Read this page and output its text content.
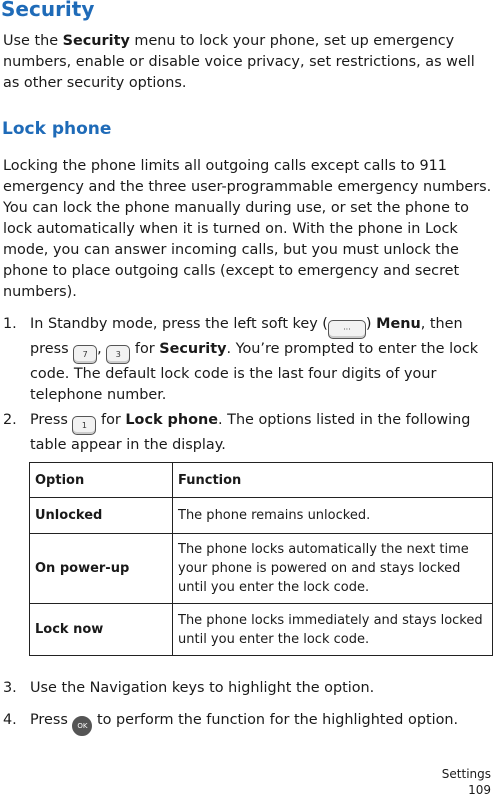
Security

Use the Security menu to lock your phone, set up emergency numbers, enable or disable voice privacy, set restrictions, as well as other security options.

Lock phone

Locking the phone limits all outgoing calls except calls to 911 emergency and the three user-programmable emergency numbers. You can lock the phone manually during use, or set the phone to lock automatically when it is turned on. With the phone in Lock mode, you can answer incoming calls, but you must unlock the phone to place outgoing calls (except to emergency and secret numbers).

1. In Standby mode, press the left soft key ( ··· ) Menu, then press 7 , 3 for Security. You’re prompted to enter the lock code. The default lock code is the last four digits of your telephone number.
2. Press 1 for Lock phone. The options listed in the following table appear in the display.
Option	Function
Unlocked	The phone remains unlocked.
On power-up	The phone locks automatically the next time your phone is powered on and stays locked until you enter the lock code.
Lock now	The phone locks immediately and stays locked until you enter the lock code.
3. Use the Navigation keys to highlight the option.
4. Press OK to perform the function for the highlighted option.
Settings
109
